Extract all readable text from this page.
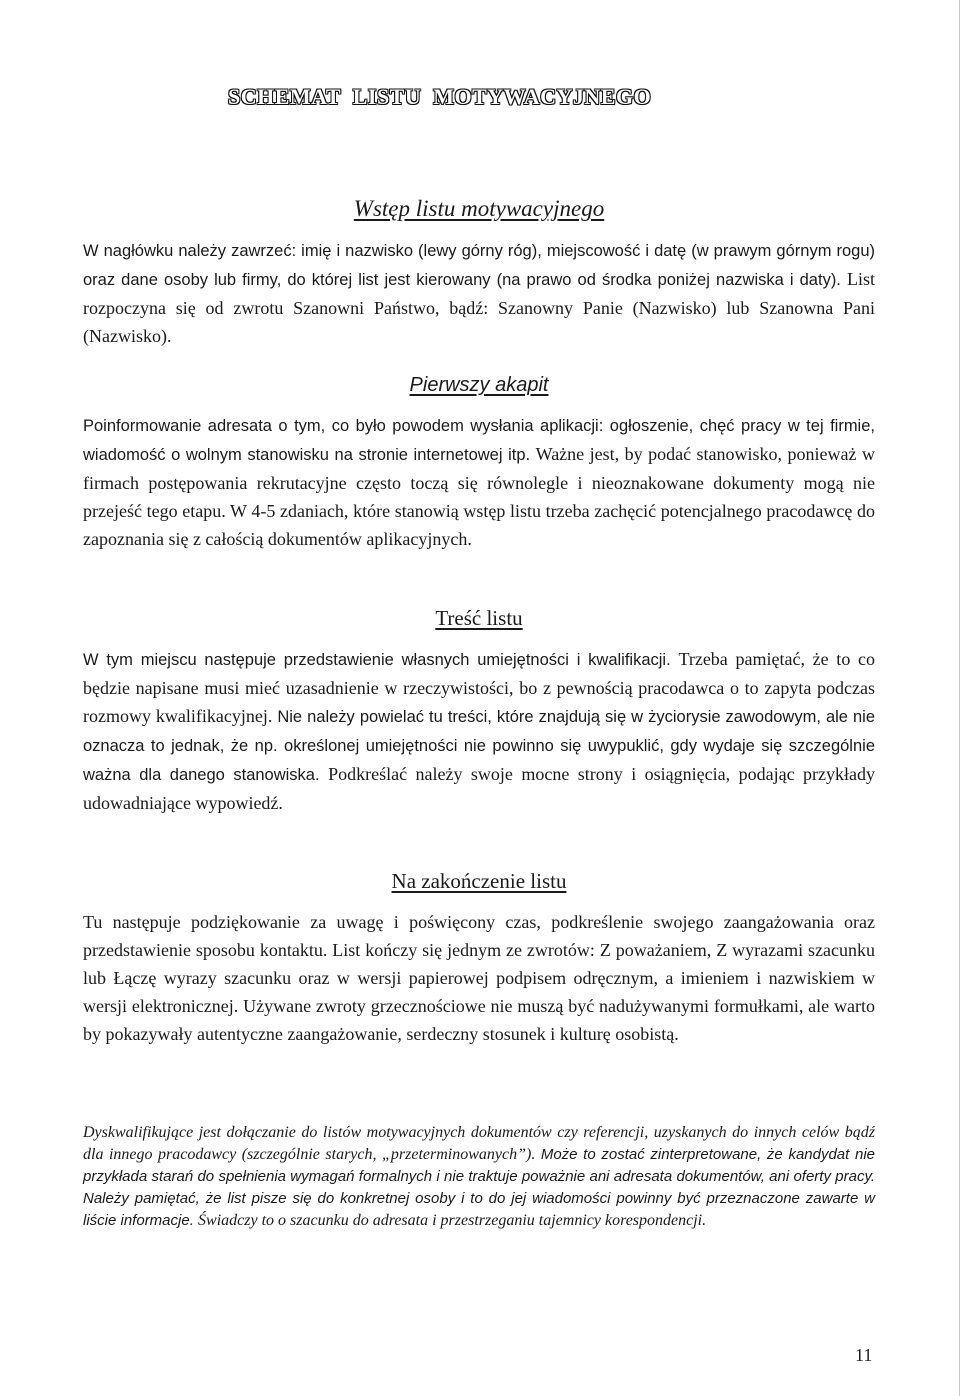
SCHEMAT LISTU MOTYWACYJNEGO
Wstęp listu motywacyjnego

W nagłówku należy zawrzeć: imię i nazwisko (lewy górny róg), miejscowość i datę (w prawym górnym rogu) oraz dane osoby lub firmy, do której list jest kierowany (na prawo od środka poniżej nazwiska i daty). List rozpoczyna się od zwrotu Szanowni Państwo, bądź: Szanowny Panie (Nazwisko) lub Szanowna Pani (Nazwisko).

Pierwszy akapit

Poinformowanie adresata o tym, co było powodem wysłania aplikacji: ogłoszenie, chęć pracy w tej firmie, wiadomość o wolnym stanowisku na stronie internetowej itp. Ważne jest, by podać stanowisko, ponieważ w firmach postępowania rekrutacyjne często toczą się równolegle i nieoznakowane dokumenty mogą nie przejeść tego etapu. W 4-5 zdaniach, które stanowią wstęp listu trzeba zachęcić potencjalnego pracodawcę do zapoznania się z całością dokumentów aplikacyjnych.

Treść listu

W tym miejscu następuje przedstawienie własnych umiejętności i kwalifikacji. Trzeba pamiętać, że to co będzie napisane musi mieć uzasadnienie w rzeczywistości, bo z pewnością pracodawca o to zapyta podczas rozmowy kwalifikacyjnej. Nie należy powielać tu treści, które znajdują się w życiorysie zawodowym, ale nie oznacza to jednak, że np. określonej umiejętności nie powinno się uwypuklić, gdy wydaje się szczególnie ważna dla danego stanowiska. Podkreślać należy swoje mocne strony i osiągnięcia, podając przykłady udowadniające wypowiedź.

Na zakończenie listu

Tu następuje podziękowanie za uwagę i poświęcony czas, podkreślenie swojego zaangażowania oraz przedstawienie sposobu kontaktu. List kończy się jednym ze zwrotów: Z poważaniem, Z wyrazami szacunku lub Łączę wyrazy szacunku oraz w wersji papierowej podpisem odręcznym, a imieniem i nazwiskiem w wersji elektronicznej. Używane zwroty grzecznościowe nie muszą być nadużywanymi formułkami, ale warto by pokazywały autentyczne zaangażowanie, serdeczny stosunek i kulturę osobistą.

Dyskwalifikujące jest dołączanie do listów motywacyjnych dokumentów czy referencji, uzyskanych do innych celów bądź dla innego pracodawcy (szczególnie starych, „przeterminowanych”). Może to zostać zinterpretowane, że kandydat nie przykłada starań do spełnienia wymagań formalnych i nie traktuje poważnie ani adresata dokumentów, ani oferty pracy. Należy pamiętać, że list pisze się do konkretnej osoby i to do jej wiadomości powinny być przeznaczone zawarte w liście informacje. Świadczy to o szacunku do adresata i przestrzeganiu tajemnicy korespondencji.

11
